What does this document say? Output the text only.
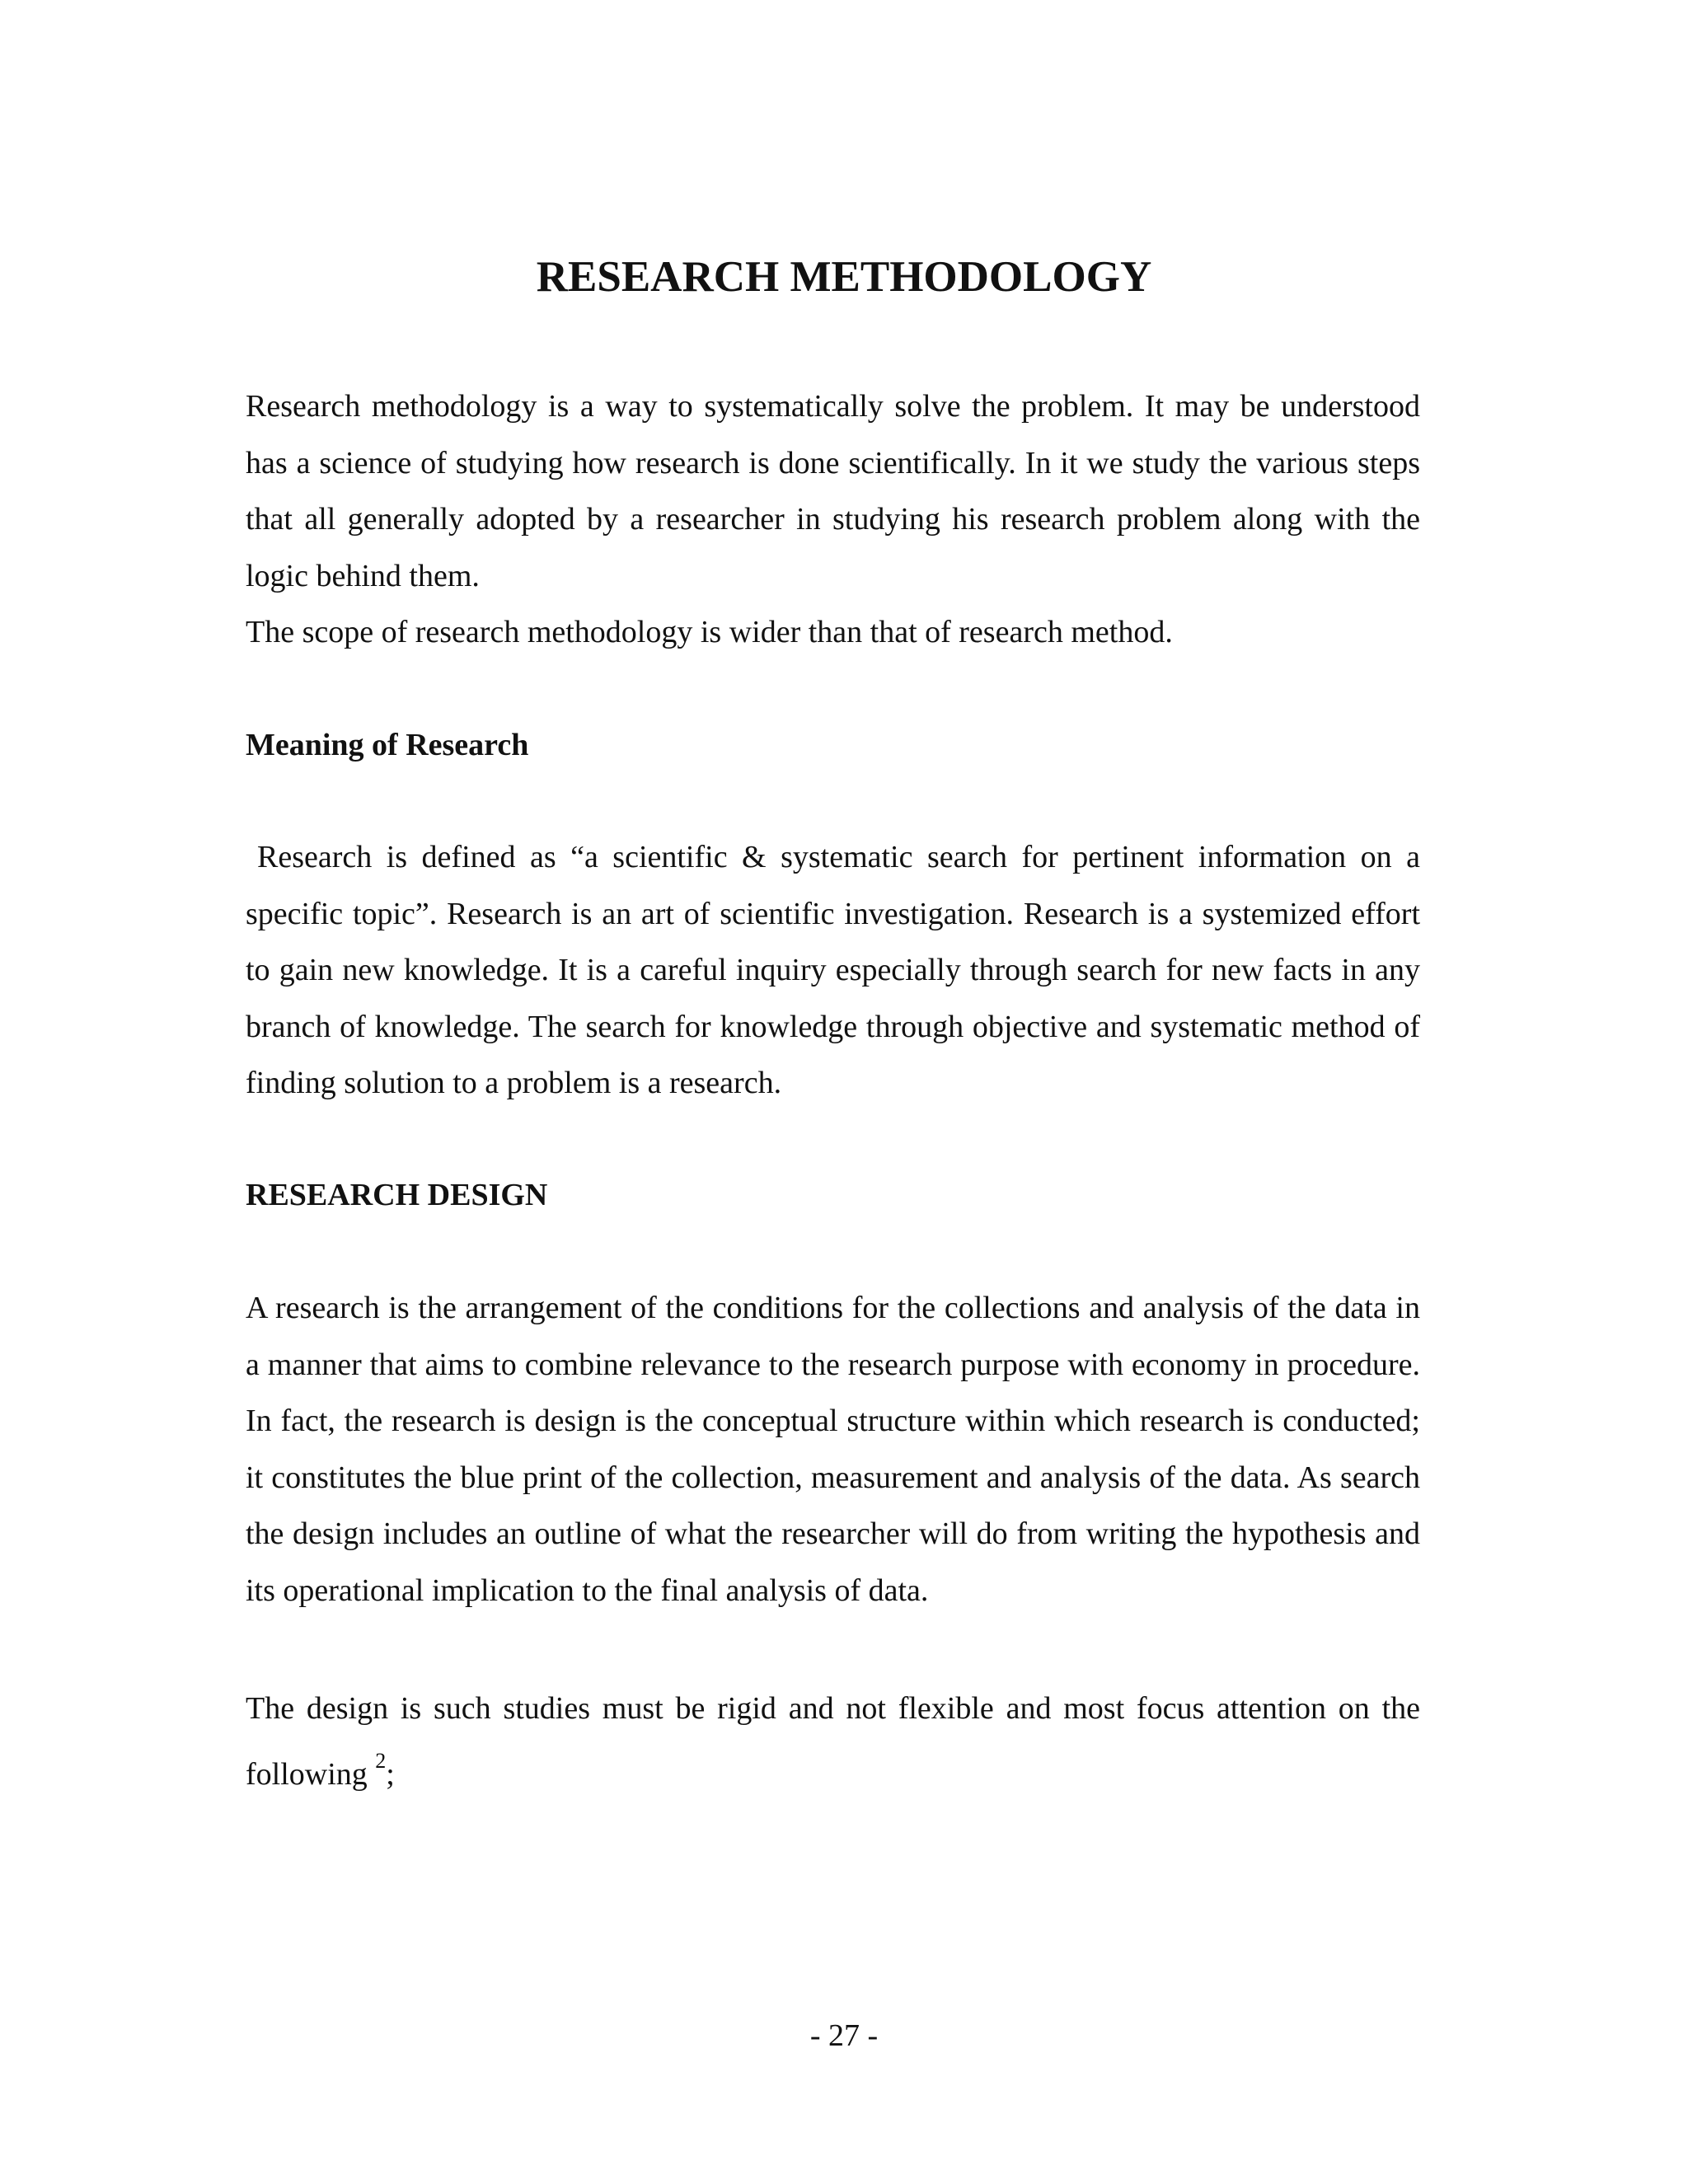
RESEARCH METHODOLOGY

Research methodology is a way to systematically solve the problem. It may be understood has a science of studying how research is done scientifically. In it we study the various steps that all generally adopted by a researcher in studying his research problem along with the logic behind them.

The scope of research methodology is wider than that of research method.

Meaning of Research

Research is defined as “a scientific & systematic search for pertinent information on a specific topic”. Research is an art of scientific investigation. Research is a systemized effort to gain new knowledge. It is a careful inquiry especially through search for new facts in any branch of knowledge. The search for knowledge through objective and systematic method of finding solution to a problem is a research.

RESEARCH DESIGN

A research is the arrangement of the conditions for the collections and analysis of the data in a manner that aims to combine relevance to the research purpose with economy in procedure. In fact, the research is design is the conceptual structure within which research is conducted; it constitutes the blue print of the collection, measurement and analysis of the data. As search the design includes an outline of what the researcher will do from writing the hypothesis and its operational implication to the final analysis of data.

The design is such studies must be rigid and not flexible and most focus attention on the following $^2$;

- 27 -
